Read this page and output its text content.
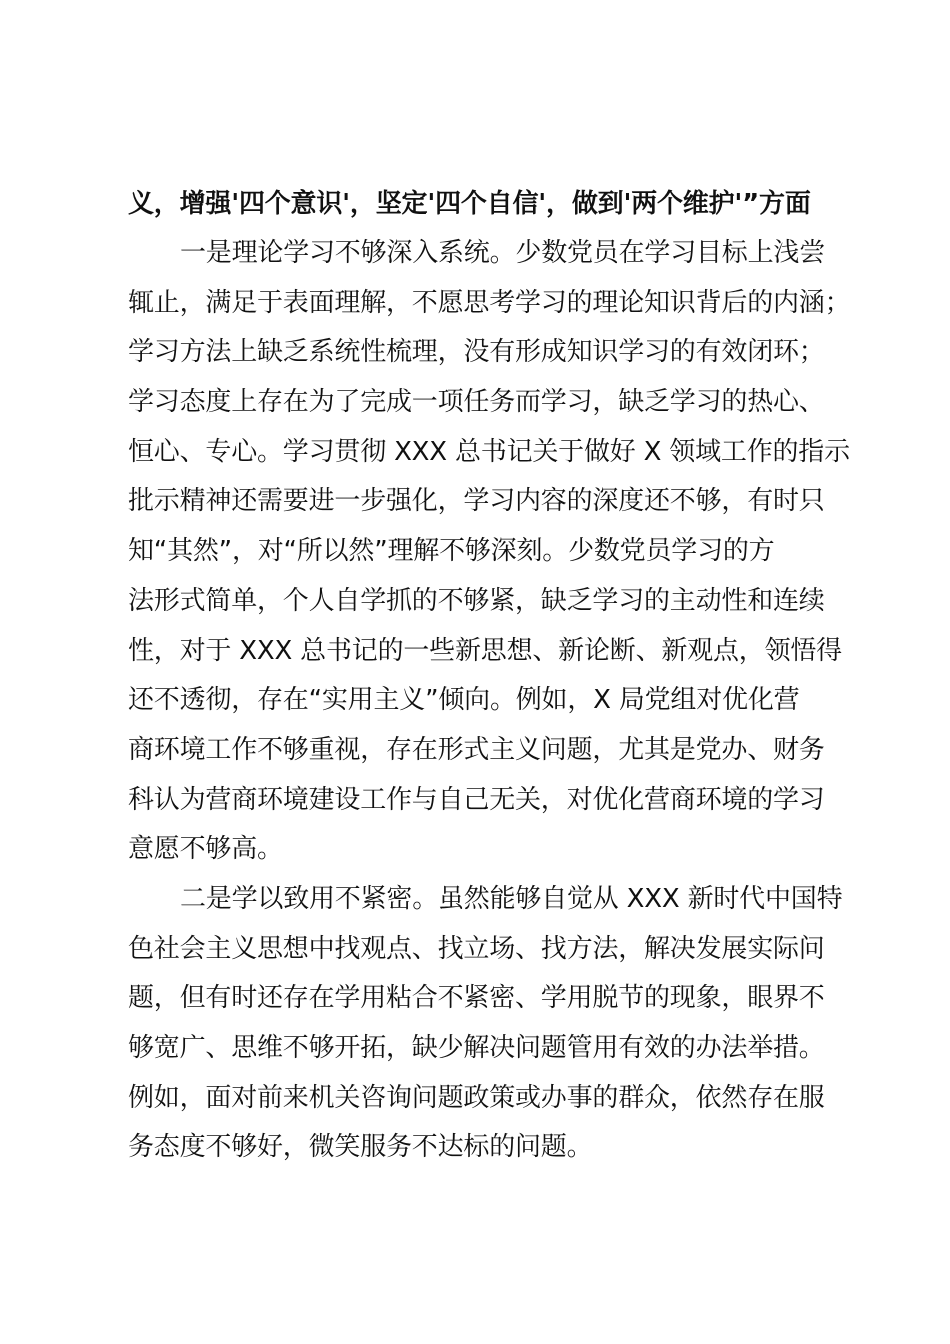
义，增强'四个意识'，坚定'四个自信'，做到'两个维护'”方面
一是理论学习不够深入系统。少数党员在学习目标上浅尝
辄止，满足于表面理解，不愿思考学习的理论知识背后的内涵；
学习方法上缺乏系统性梳理，没有形成知识学习的有效闭环；
学习态度上存在为了完成一项任务而学习，缺乏学习的热心、
恒心、专心。学习贯彻 XXX 总书记关于做好 X 领域工作的指示
批示精神还需要进一步强化，学习内容的深度还不够，有时只
知“其然”，对“所以然”理解不够深刻。少数党员学习的方
法形式简单，个人自学抓的不够紧，缺乏学习的主动性和连续
性，对于 XXX 总书记的一些新思想、新论断、新观点，领悟得
还不透彻，存在“实用主义”倾向。例如，X 局党组对优化营
商环境工作不够重视，存在形式主义问题，尤其是党办、财务
科认为营商环境建设工作与自己无关，对优化营商环境的学习
意愿不够高。
二是学以致用不紧密。虽然能够自觉从 XXX 新时代中国特
色社会主义思想中找观点、找立场、找方法，解决发展实际问
题，但有时还存在学用粘合不紧密、学用脱节的现象，眼界不
够宽广、思维不够开拓，缺少解决问题管用有效的办法举措。
例如，面对前来机关咨询问题政策或办事的群众，依然存在服
务态度不够好，微笑服务不达标的问题。
